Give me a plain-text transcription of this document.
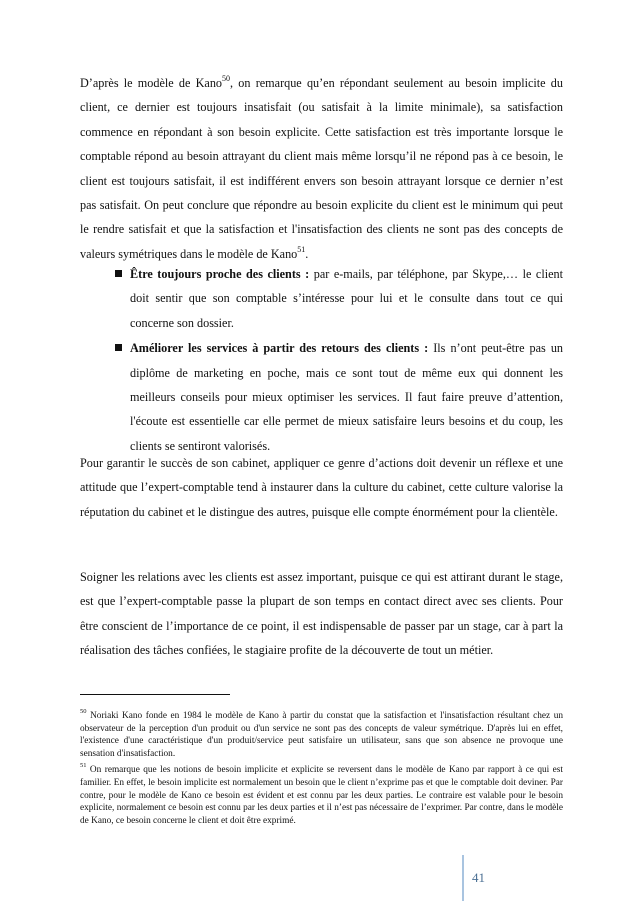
D’après le modèle de Kano$^{50}$, on remarque qu’en répondant seulement au besoin implicite du client, ce dernier est toujours insatisfait (ou satisfait à la limite minimale), sa satisfaction commence en répondant à son besoin explicite. Cette satisfaction est très importante lorsque le comptable répond au besoin attrayant du client mais même lorsqu’il ne répond pas à ce besoin, le client est toujours satisfait, il est indifférent envers son besoin attrayant lorsque ce dernier n’est pas satisfait. On peut conclure que répondre au besoin explicite du client est le minimum qui peut le rendre satisfait et que la satisfaction et l'insatisfaction des clients ne sont pas des concepts de valeurs symétriques dans le modèle de Kano$^{51}$.

Être toujours proche des clients : par e-mails, par téléphone, par Skype,… le client doit sentir que son comptable s’intéresse pour lui et le consulte dans tout ce qui concerne son dossier.

Améliorer les services à partir des retours des clients : Ils n’ont peut-être pas un diplôme de marketing en poche, mais ce sont tout de même eux qui donnent les meilleurs conseils pour mieux optimiser les services. Il faut faire preuve d’attention, l'écoute est essentielle car elle permet de mieux satisfaire leurs besoins et du coup, les clients se sentiront valorisés.

Pour garantir le succès de son cabinet, appliquer ce genre d’actions doit devenir un réflexe et une attitude que l’expert-comptable tend à instaurer dans la culture du cabinet, cette culture valorise la réputation du cabinet et le distingue des autres, puisque elle compte énormément pour la clientèle.

Soigner les relations avec les clients est assez important, puisque ce qui est attirant durant le stage, est que l’expert-comptable passe la plupart de son temps en contact direct avec ses clients. Pour être conscient de l’importance de ce point, il est indispensable de passer par un stage, car à part la réalisation des tâches confiées, le stagiaire profite de la découverte de tout un métier.

$^{50}$ Noriaki Kano fonde en 1984 le modèle de Kano à partir du constat que la satisfaction et l'insatisfaction résultant chez un observateur de la perception d'un produit ou d'un service ne sont pas des concepts de valeur symétrique. D'après lui en effet, l'existence d'une caractéristique d'un produit/service peut satisfaire un utilisateur, sans que son absence ne provoque une sensation d'insatisfaction.

$^{51}$ On remarque que les notions de besoin implicite et explicite se reversent dans le modèle de Kano par rapport à ce qui est familier. En effet, le besoin implicite est normalement un besoin que le client n’exprime pas et que le comptable doit deviner. Par contre, pour le modèle de Kano ce besoin est évident et est connu par les deux parties. Le contraire est valable pour le besoin explicite, normalement ce besoin est connu par les deux parties et il n’est pas nécessaire de l’exprimer. Par contre, dans le modèle de Kano, ce besoin concerne le client et doit être exprimé.

41
